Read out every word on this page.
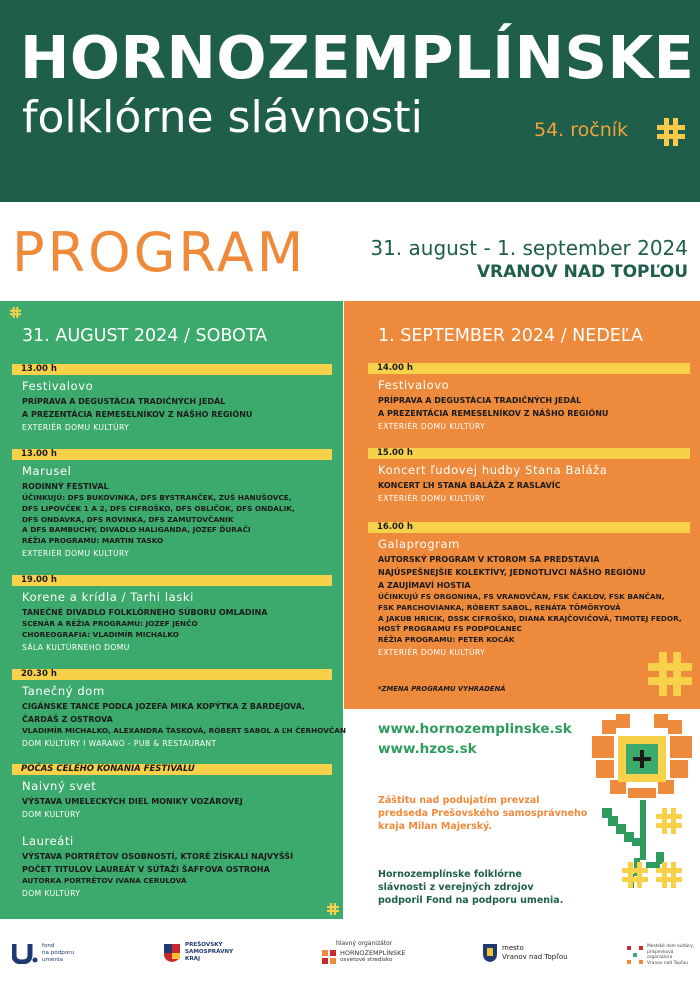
HORNOZEMPLÍNSKE
folklórne slávnosti	54. ročník
PROGRAM	31. august - 1. september 2024
VRANOV NAD TOPĽOU
31. AUGUST 2024 / SOBOTA	1. SEPTEMBER 2024 / NEDEĽA
13.00 h
Festivalovo
PRÍPRAVA A DEGUSTÁCIA TRADIČNÝCH JEDÁL
A PREZENTÁCIA REMESELNÍKOV Z NÁŠHO REGIÓNU
EXTERIÉR DOMU KULTÚRY
13.00 h
Marusel
RODINNÝ FESTIVAL
ÚČINKUJÚ: DFS BUKOVINKA, DFS BYSTRANČEK, ZUŠ HANUŠOVCE,
DFS LIPOVČEK 1 A 2, DFS CIFROŠKO, DFS OBLIČOK, DFS ONDALIK,
DFS ONDAVKA, DFS ROVINKA, DFS ZAMUTOVČANIK
A DFS BAMBUCHY, DIVADLO HALIGANDA, JOZEF ĎURAČI
RÉŽIA PROGRAMU: MARTIN TASKO
EXTERIÉR DOMU KULTÚRY
19.00 h
Korene a krídla / Tarhi laski
TANEČNÉ DIVADLO FOLKLÓRNEHO SÚBORU OMLADINA
SCENÁR A RÉŽIA PROGRAMU: JOZEF JENČO
CHOREOGRAFIA: VLADIMÍR MICHALKO
SÁLA KULTÚRNEHO DOMU
20.30 h
Tanečný dom
CIGÁNSKE TANCE PODĽA JOZEFA MIKA KOPÝTKA Z BARDEJOVA,
ČARDÁŠ Z OSTROVA
VLADIMÍR MICHALKO, ALEXANDRA ŤASKOVÁ, RÓBERT SABOL A ĽH ČERHOVČAN
DOM KULTÚRY I WARANO - PUB & RESTAURANT
POČAS CELÉHO KONANIA FESTIVALU
Naivný svet
VÝSTAVA UMELECKÝCH DIEL MONIKY VOZÁROVEJ
DOM KULTÚRY
Laureáti
VÝSTAVA PORTRÉTOV OSOBNOSTÍ, KTORÉ ZÍSKALI NAJVYŠŠÍ
POČET TITULOV LAUREÁT V SÚŤAŽI ŠAFFOVA OSTROHA
AUTORKA PORTRÉTOV IVANA CERULOVÁ
DOM KULTÚRY
14.00 h
Festivalovo
PRÍPRAVA A DEGUSTÁCIA TRADIČNÝCH JEDÁL
A PREZENTÁCIA REMESELNÍKOV Z NÁŠHO REGIÓNU
EXTERIÉR DOMU KULTÚRY
15.00 h
Koncert ľudovej hudby Stana Baláža
KONCERT ĽH STANA BALÁŽA Z RASLAVÍC
EXTERIÉR DOMU KULTÚRY
16.00 h
Galaprogram
AUTORSKÝ PROGRAM V KTOROM SA PREDSTAVIA
NAJÚSPEŠNEJŠIE KOLEKTÍVY, JEDNOTLIVCI NÁŠHO REGIÓNU
A ZAUJÍMAVÍ HOSTIA
ÚČINKUJÚ FS ORGONINA, FS VRANOVČAN, FSK ČAKLOV, FSK BANČAN,
FSK PARCHOVIANKA, RÓBERT SABOL, RENÁTA TÖMÖRYOVÁ
A JAKUB HRICIK, DSSK CIFROŠKO, DIANA KRAJČOVIČOVÁ, TIMOTEJ FEDOR,
HOSŤ PROGRAMU FS PODPOĽANEC
RÉŽIA PROGRAMU: PETER KOCÁK
EXTERIÉR DOMU KULTÚRY
*ZMENA PROGRAMU VYHRADENÁ
www.hornozemplinske.sk
www.hzos.sk
Záštitu nad podujatím prevzal
predseda Prešovského samosprávneho
kraja Milan Majerský.
Hornozemplínske folklórne
slávnosti z verejných zdrojov
podporil Fond na podporu umenia.
fond
na podporu
umenia
PREŠOVSKÝ
SAMOSPRÁVNY
KRAJ
hlavný organizátor
HORNOZEMPLÍNSKE
osvetové stredisko
mesto
Vranov nad Topľou
Mestské dom kultúry,
príspevková organizácia
Vranov nad Topľou
